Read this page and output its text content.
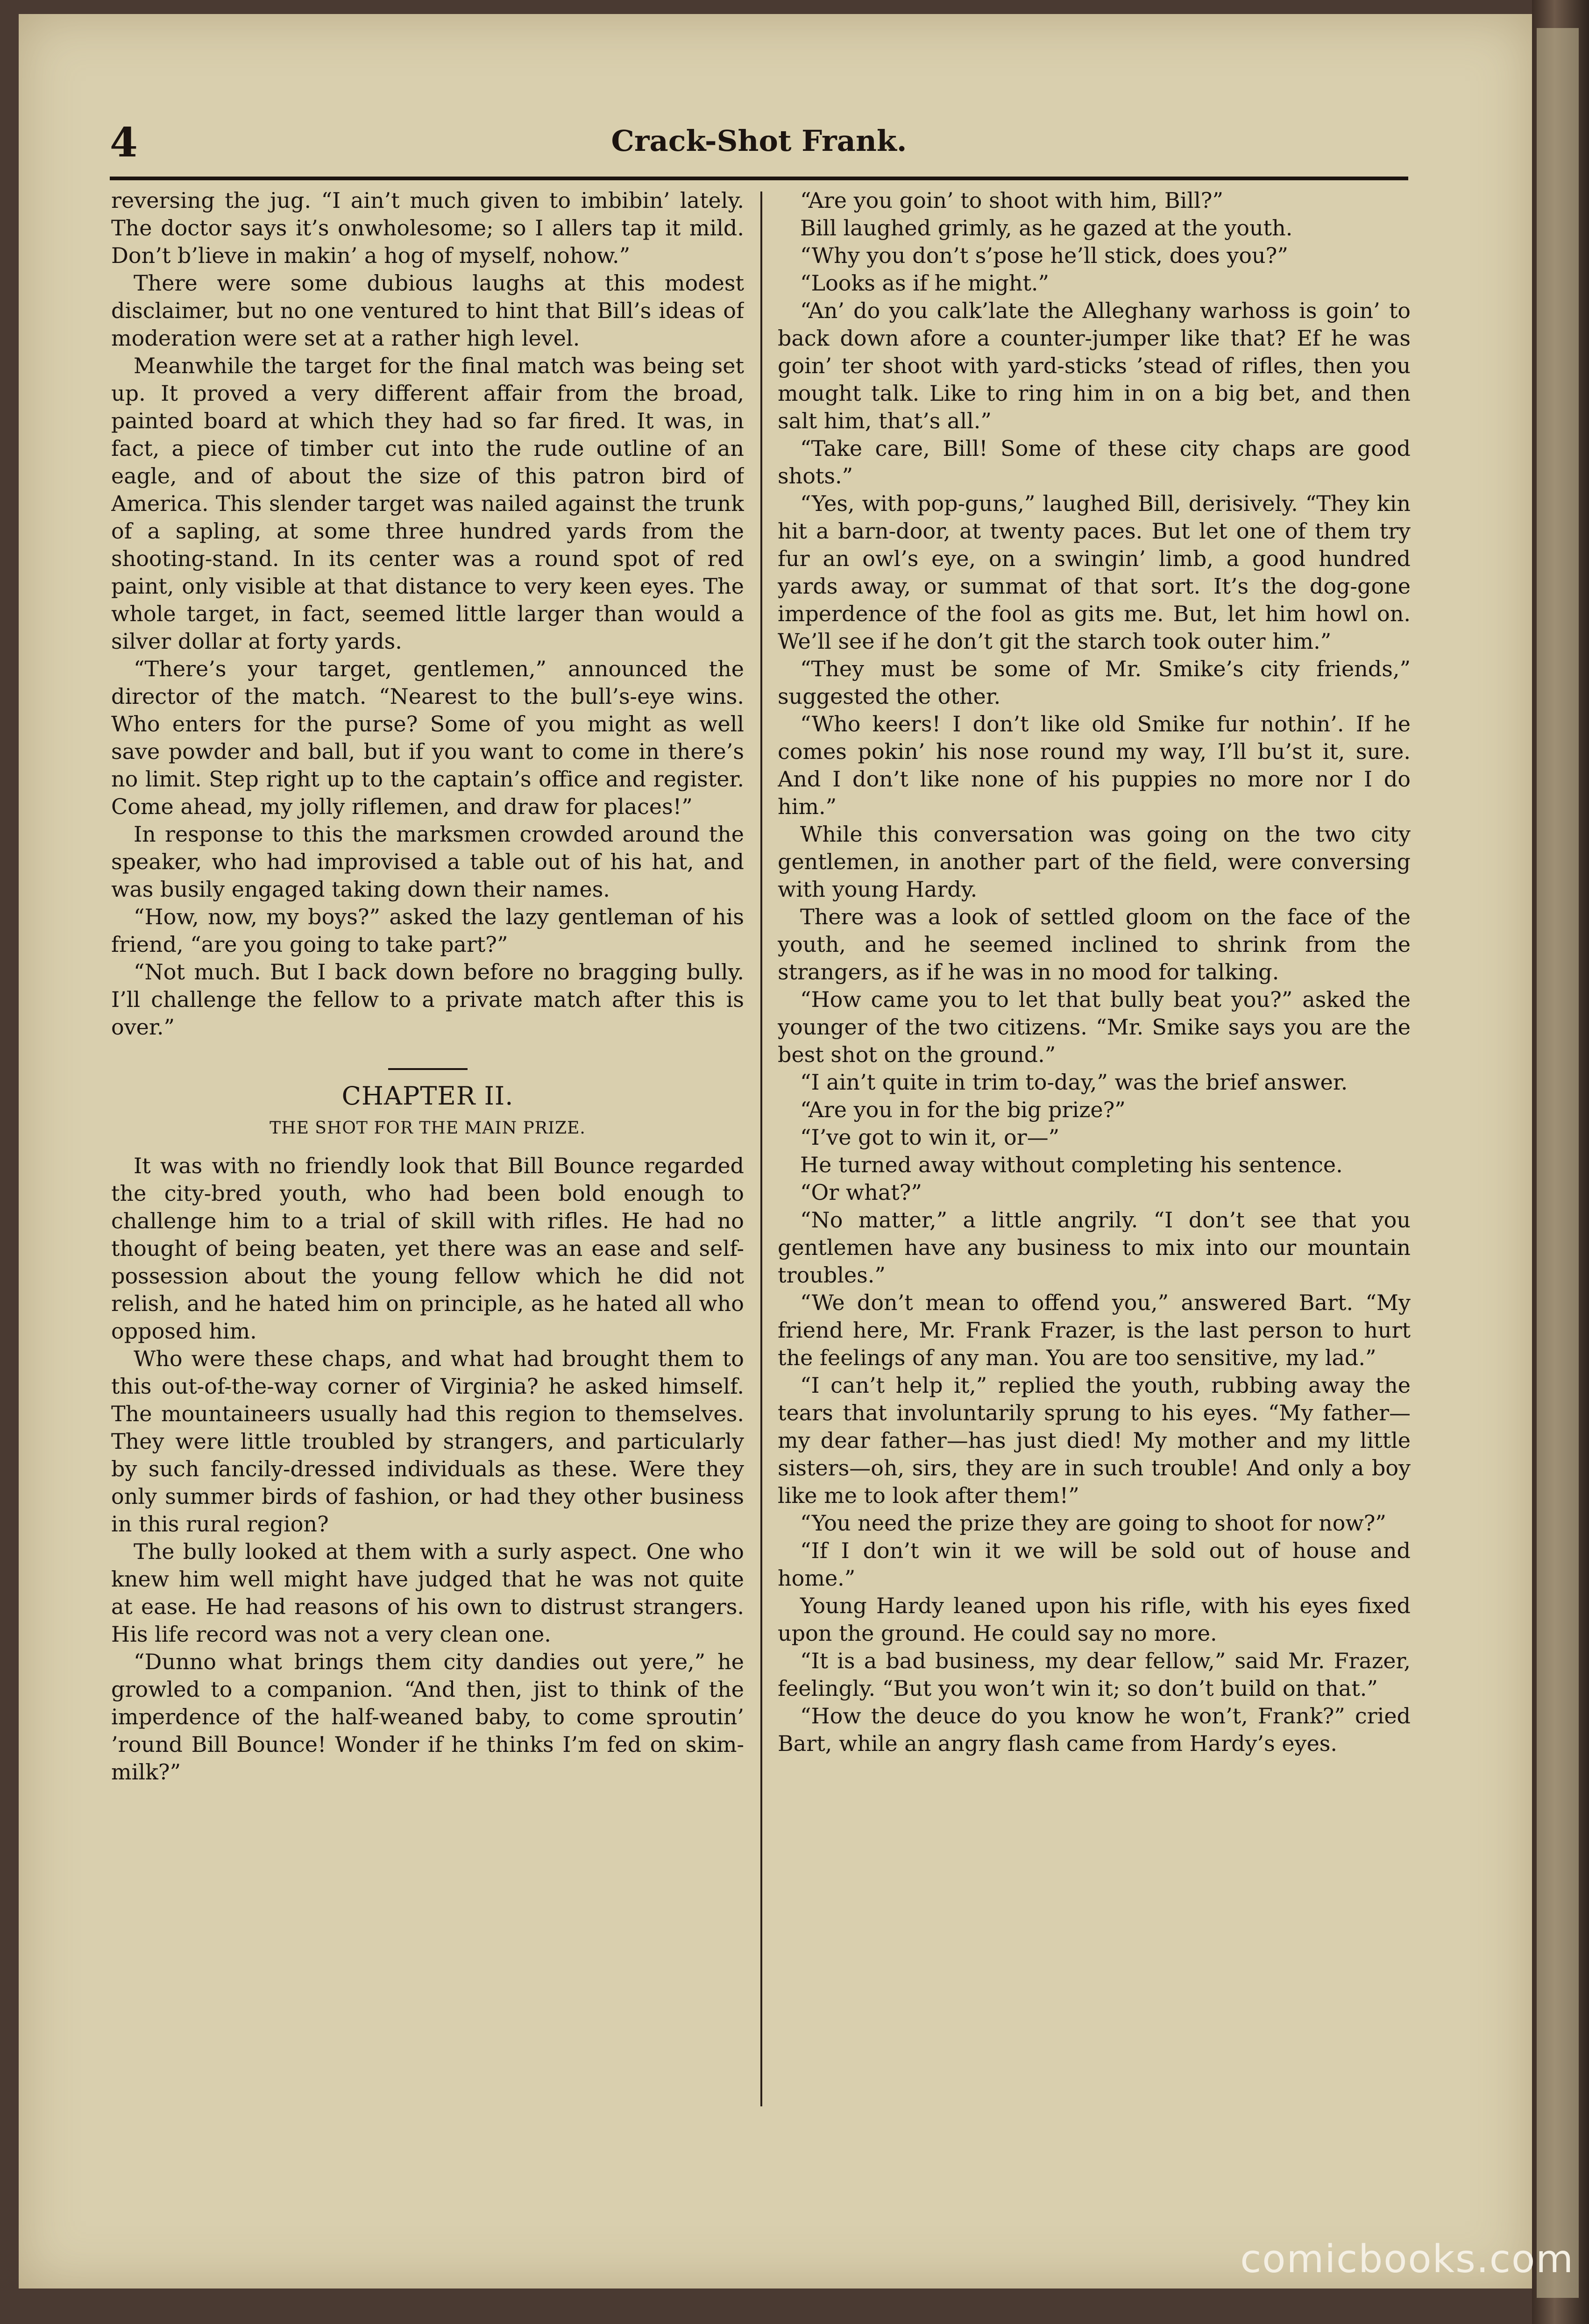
4	Crack-Shot Frank.

reversing the jug. “I ain’t much given to imbibin’ lately. The doctor says it’s onwholesome; so I allers tap it mild. Don’t b’lieve in makin’ a hog of myself, nohow.”

There were some dubious laughs at this modest disclaimer, but no one ventured to hint that Bill’s ideas of moderation were set at a rather high level.

Meanwhile the target for the final match was being set up. It proved a very different affair from the broad, painted board at which they had so far fired. It was, in fact, a piece of timber cut into the rude outline of an eagle, and of about the size of this patron bird of America. This slender target was nailed against the trunk of a sapling, at some three hundred yards from the shooting-stand. In its center was a round spot of red paint, only visible at that distance to very keen eyes. The whole target, in fact, seemed little larger than would a silver dollar at forty yards.

“There’s your target, gentlemen,” announced the director of the match. “Nearest to the bull’s-eye wins. Who enters for the purse? Some of you might as well save powder and ball, but if you want to come in there’s no limit. Step right up to the captain’s office and register. Come ahead, my jolly riflemen, and draw for places!”

In response to this the marksmen crowded around the speaker, who had improvised a table out of his hat, and was busily engaged taking down their names.

“How, now, my boys?” asked the lazy gentleman of his friend, “are you going to take part?”

“Not much. But I back down before no bragging bully. I’ll challenge the fellow to a private match after this is over.”

CHAPTER II.
THE SHOT FOR THE MAIN PRIZE.

It was with no friendly look that Bill Bounce regarded the city-bred youth, who had been bold enough to challenge him to a trial of skill with rifles. He had no thought of being beaten, yet there was an ease and self-possession about the young fellow which he did not relish, and he hated him on principle, as he hated all who opposed him.

Who were these chaps, and what had brought them to this out-of-the-way corner of Virginia? he asked himself. The mountaineers usually had this region to themselves. They were little troubled by strangers, and particularly by such fancily-dressed individuals as these. Were they only summer birds of fashion, or had they other business in this rural region?

The bully looked at them with a surly aspect. One who knew him well might have judged that he was not quite at ease. He had reasons of his own to distrust strangers. His life record was not a very clean one.

“Dunno what brings them city dandies out yere,” he growled to a companion. “And then, jist to think of the imperdence of the half-weaned baby, to come sproutin’ ’round Bill Bounce! Wonder if he thinks I’m fed on skim-milk?”

“Are you goin’ to shoot with him, Bill?”

Bill laughed grimly, as he gazed at the youth.

“Why you don’t s’pose he’ll stick, does you?”

“Looks as if he might.”

“An’ do you calk’late the Alleghany warhoss is goin’ to back down afore a counter-jumper like that? Ef he was goin’ ter shoot with yard-sticks ’stead of rifles, then you mought talk. Like to ring him in on a big bet, and then salt him, that’s all.”

“Take care, Bill! Some of these city chaps are good shots.”

“Yes, with pop-guns,” laughed Bill, derisively. “They kin hit a barn-door, at twenty paces. But let one of them try fur an owl’s eye, on a swingin’ limb, a good hundred yards away, or summat of that sort. It’s the dog-gone imperdence of the fool as gits me. But, let him howl on. We’ll see if he don’t git the starch took outer him.”

“They must be some of Mr. Smike’s city friends,” suggested the other.

“Who keers! I don’t like old Smike fur nothin’. If he comes pokin’ his nose round my way, I’ll bu’st it, sure. And I don’t like none of his puppies no more nor I do him.”

While this conversation was going on the two city gentlemen, in another part of the field, were conversing with young Hardy.

There was a look of settled gloom on the face of the youth, and he seemed inclined to shrink from the strangers, as if he was in no mood for talking.

“How came you to let that bully beat you?” asked the younger of the two citizens. “Mr. Smike says you are the best shot on the ground.”

“I ain’t quite in trim to-day,” was the brief answer.

“Are you in for the big prize?”

“I’ve got to win it, or—”

He turned away without completing his sentence.

“Or what?”

“No matter,” a little angrily. “I don’t see that you gentlemen have any business to mix into our mountain troubles.”

“We don’t mean to offend you,” answered Bart. “My friend here, Mr. Frank Frazer, is the last person to hurt the feelings of any man. You are too sensitive, my lad.”

“I can’t help it,” replied the youth, rubbing away the tears that involuntarily sprung to his eyes. “My father—my dear father—has just died! My mother and my little sisters—oh, sirs, they are in such trouble! And only a boy like me to look after them!”

“You need the prize they are going to shoot for now?”

“If I don’t win it we will be sold out of house and home.”

Young Hardy leaned upon his rifle, with his eyes fixed upon the ground. He could say no more.

“It is a bad business, my dear fellow,” said Mr. Frazer, feelingly. “But you won’t win it; so don’t build on that.”

“How the deuce do you know he won’t, Frank?” cried Bart, while an angry flash came from Hardy’s eyes.

comicbooks.com
